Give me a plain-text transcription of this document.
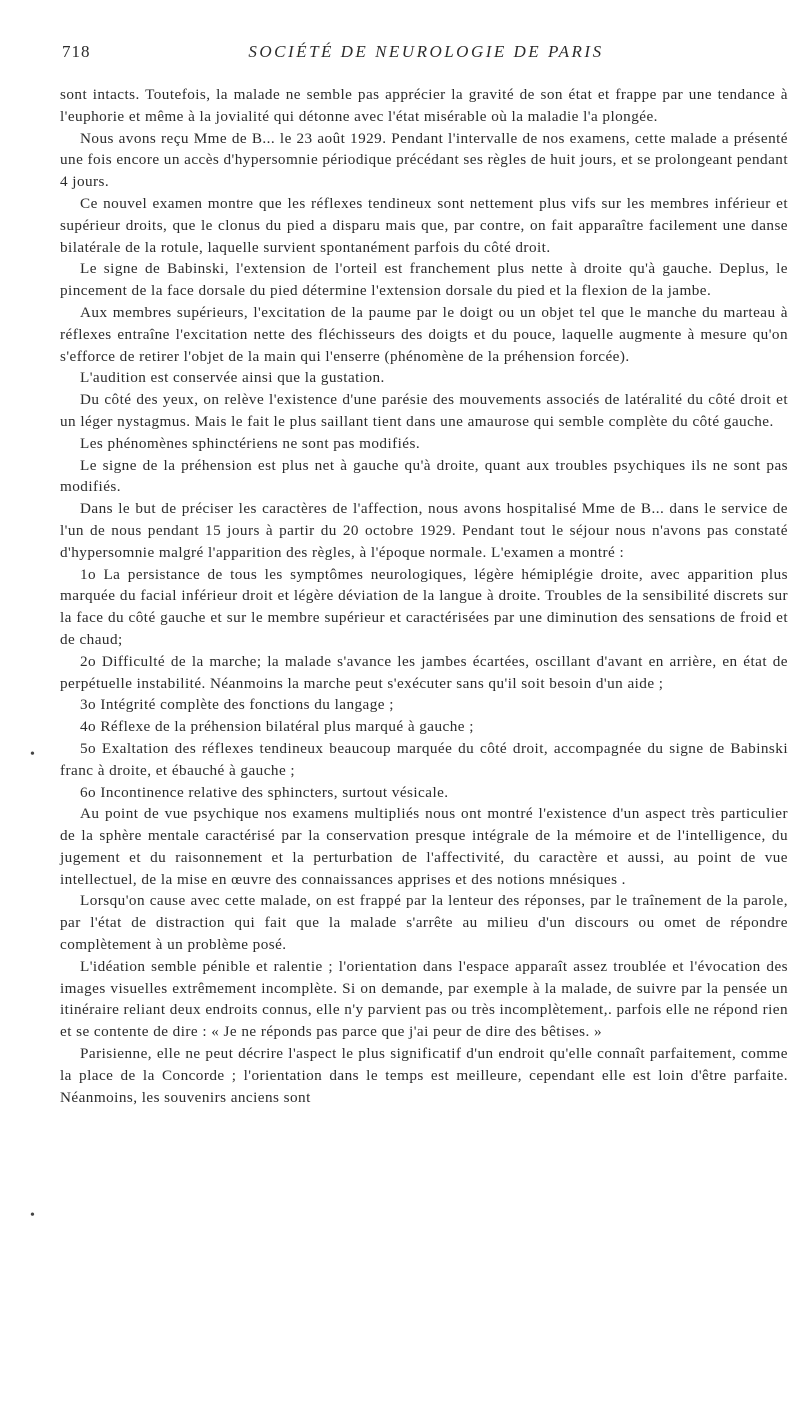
718	SOCIÉTÉ DE NEUROLOGIE DE PARIS
•
•

sont intacts. Toutefois, la malade ne semble pas apprécier la gravité de son état et frappe par une tendance à l'euphorie et même à la jovialité qui détonne avec l'état misérable où la maladie l'a plongée.

Nous avons reçu Mme de B... le 23 août 1929. Pendant l'intervalle de nos examens, cette malade a présenté une fois encore un accès d'hypersomnie périodique précédant ses règles de huit jours, et se prolongeant pendant 4 jours.

Ce nouvel examen montre que les réflexes tendineux sont nettement plus vifs sur les membres inférieur et supérieur droits, que le clonus du pied a disparu mais que, par contre, on fait apparaître facilement une danse bilatérale de la rotule, laquelle survient spontanément parfois du côté droit.

Le signe de Babinski, l'extension de l'orteil est franchement plus nette à droite qu'à gauche. Deplus, le pincement de la face dorsale du pied détermine l'extension dorsale du pied et la flexion de la jambe.

Aux membres supérieurs, l'excitation de la paume par le doigt ou un objet tel que le manche du marteau à réflexes entraîne l'excitation nette des fléchisseurs des doigts et du pouce, laquelle augmente à mesure qu'on s'efforce de retirer l'objet de la main qui l'enserre (phénomène de la préhension forcée).

L'audition est conservée ainsi que la gustation.

Du côté des yeux, on relève l'existence d'une parésie des mouvements associés de latéralité du côté droit et un léger nystagmus. Mais le fait le plus saillant tient dans une amaurose qui semble complète du côté gauche.

Les phénomènes sphinctériens ne sont pas modifiés.

Le signe de la préhension est plus net à gauche qu'à droite, quant aux troubles psychiques ils ne sont pas modifiés.

Dans le but de préciser les caractères de l'affection, nous avons hospitalisé Mme de B... dans le service de l'un de nous pendant 15 jours à partir du 20 octobre 1929. Pendant tout le séjour nous n'avons pas constaté d'hypersomnie malgré l'apparition des règles, à l'époque normale. L'examen a montré :

1o La persistance de tous les symptômes neurologiques, légère hémiplégie droite, avec apparition plus marquée du facial inférieur droit et légère déviation de la langue à droite. Troubles de la sensibilité discrets sur la face du côté gauche et sur le membre supérieur et caractérisées par une diminution des sensations de froid et de chaud;

2o Difficulté de la marche; la malade s'avance les jambes écartées, oscillant d'avant en arrière, en état de perpétuelle instabilité. Néanmoins la marche peut s'exécuter sans qu'il soit besoin d'un aide ;

3o Intégrité complète des fonctions du langage ;

4o Réflexe de la préhension bilatéral plus marqué à gauche ;

5o Exaltation des réflexes tendineux beaucoup marquée du côté droit, accompagnée du signe de Babinski franc à droite, et ébauché à gauche ;

6o Incontinence relative des sphincters, surtout vésicale.

Au point de vue psychique nos examens multipliés nous ont montré l'existence d'un aspect très particulier de la sphère mentale caractérisé par la conservation presque intégrale de la mémoire et de l'intelligence, du jugement et du raisonnement et la perturbation de l'affectivité, du caractère et aussi, au point de vue intellectuel, de la mise en œuvre des connaissances apprises et des notions mnésiques .

Lorsqu'on cause avec cette malade, on est frappé par la lenteur des réponses, par le traînement de la parole, par l'état de distraction qui fait que la malade s'arrête au milieu d'un discours ou omet de répondre complètement à un problème posé.

L'idéation semble pénible et ralentie ; l'orientation dans l'espace apparaît assez troublée et l'évocation des images visuelles extrêmement incomplète. Si on demande, par exemple à la malade, de suivre par la pensée un itinéraire reliant deux endroits connus, elle n'y parvient pas ou très incomplètement,. parfois elle ne répond rien et se contente de dire : « Je ne réponds pas parce que j'ai peur de dire des bêtises. »

Parisienne, elle ne peut décrire l'aspect le plus significatif d'un endroit qu'elle connaît parfaitement, comme la place de la Concorde ; l'orientation dans le temps est meilleure, cependant elle est loin d'être parfaite. Néanmoins, les souvenirs anciens sont
